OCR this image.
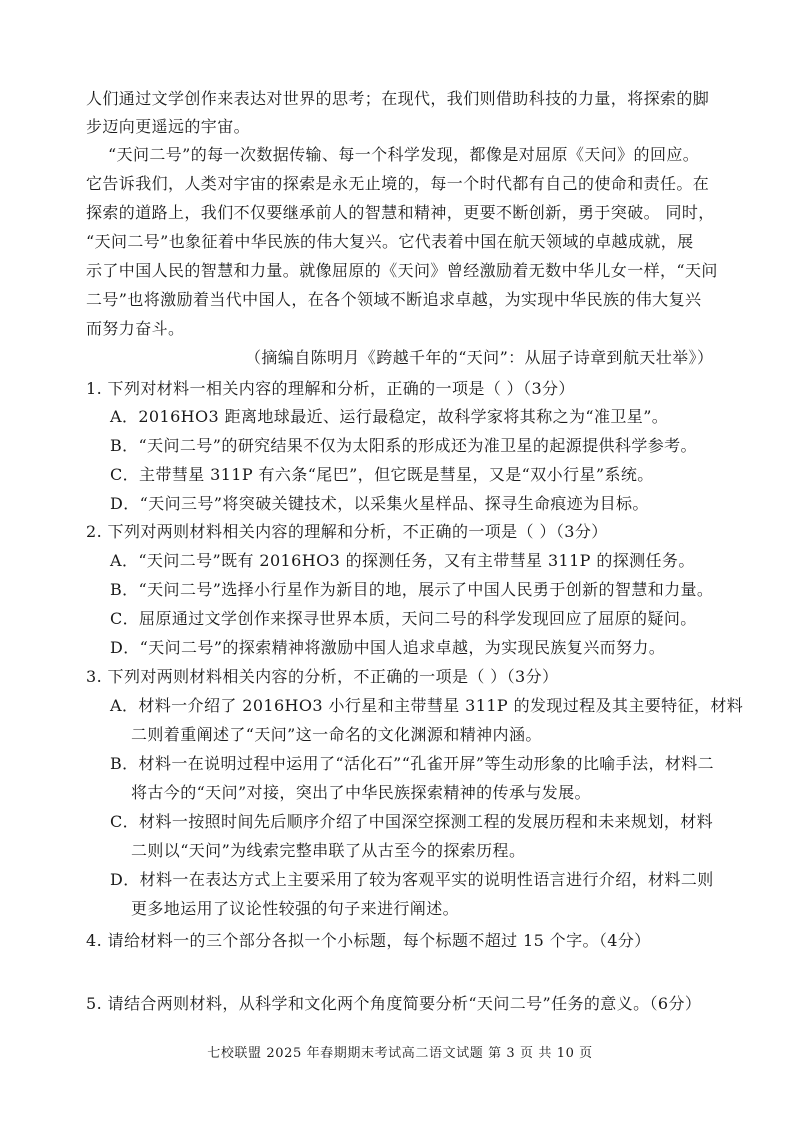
人们通过文学创作来表达对世界的思考；在现代，我们则借助科技的力量，将探索的脚
步迈向更遥远的宇宙。
“天问二号”的每一次数据传输、每一个科学发现，都像是对屈原《天问》的回应。
它告诉我们，人类对宇宙的探索是永无止境的，每一个时代都有自己的使命和责任。在
探索的道路上，我们不仅要继承前人的智慧和精神，更要不断创新，勇于突破。 同时，
“天问二号”也象征着中华民族的伟大复兴。它代表着中国在航天领域的卓越成就，展
示了中国人民的智慧和力量。就像屈原的《天问》曾经激励着无数中华儿女一样，“天问
二号”也将激励着当代中国人，在各个领域不断追求卓越，为实现中华民族的伟大复兴
而努力奋斗。
（摘编自陈明月《跨越千年的“天问”：从屈子诗章到航天壮举》）
1. 下列对材料一相关内容的理解和分析，正确的一项是（ ）（3分）
A．2016HO3 距离地球最近、运行最稳定，故科学家将其称之为“准卫星”。
B．“天问二号”的研究结果不仅为太阳系的形成还为准卫星的起源提供科学参考。
C．主带彗星 311P 有六条“尾巴”，但它既是彗星，又是“双小行星”系统。
D．“天问三号”将突破关键技术，以采集火星样品、探寻生命痕迹为目标。
2. 下列对两则材料相关内容的理解和分析，不正确的一项是（ ）（3分）
A．“天问二号”既有 2016HO3 的探测任务，又有主带彗星 311P 的探测任务。
B．“天问二号”选择小行星作为新目的地，展示了中国人民勇于创新的智慧和力量。
C．屈原通过文学创作来探寻世界本质，天问二号的科学发现回应了屈原的疑问。
D．“天问二号”的探索精神将激励中国人追求卓越，为实现民族复兴而努力。
3. 下列对两则材料相关内容的分析，不正确的一项是（ ）（3分）
A．材料一介绍了 2016HO3 小行星和主带彗星 311P 的发现过程及其主要特征，材料
二则着重阐述了“天问”这一命名的文化渊源和精神内涵。
B．材料一在说明过程中运用了“活化石”“孔雀开屏”等生动形象的比喻手法，材料二
将古今的“天问”对接，突出了中华民族探索精神的传承与发展。
C．材料一按照时间先后顺序介绍了中国深空探测工程的发展历程和未来规划，材料
二则以“天问”为线索完整串联了从古至今的探索历程。
D．材料一在表达方式上主要采用了较为客观平实的说明性语言进行介绍，材料二则
更多地运用了议论性较强的句子来进行阐述。
4. 请给材料一的三个部分各拟一个小标题，每个标题不超过 15 个字。（4分）
5. 请结合两则材料，从科学和文化两个角度简要分析“天问二号”任务的意义。（6分）
七校联盟 2025 年春期期末考试高二语文试题 第 3 页 共 10 页
